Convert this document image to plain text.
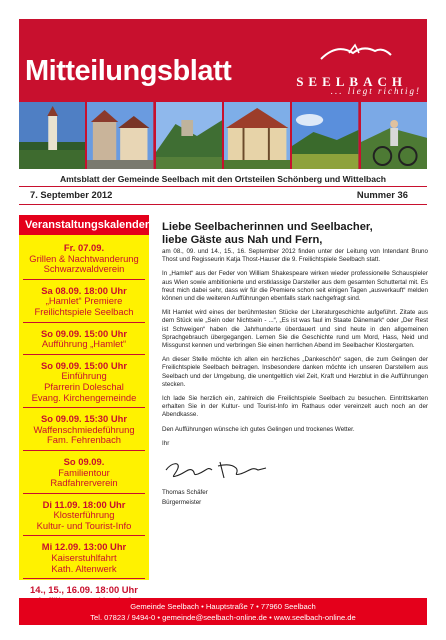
Mitteilungsblatt	SEELBACH
... liegt richtig!
Amtsblatt der Gemeinde Seelbach mit den Ortsteilen Schönberg und Wittelbach
7. September 2012	Nummer 36
Veranstaltungskalender
Fr. 07.09.
Grillen & Nachtwanderung
Schwarzwaldverein
Sa 08.09. 18:00 Uhr
„Hamlet“ Premiere
Freilichtspiele Seelbach
So 09.09. 15:00 Uhr
Aufführung „Hamlet“
So 09.09. 15:00 Uhr
Einführung
Pfarrerin Doleschal
Evang. Kirchengemeinde
So 09.09. 15:30 Uhr
Waffenschmiedeführung
Fam. Fehrenbach
So 09.09.
Familientour
Radfahrerverein
Di 11.09. 18:00 Uhr
Klosterführung
Kultur- und Tourist-Info
Mi 12.09. 13:00 Uhr
Kaiserstuhlfahrt
Kath. Altenwerk
14., 15., 16.09. 18:00 Uhr
Liebe Seelbacherinnen und Seelbacher,
liebe Gäste aus Nah und Fern,

am 08., 09. und 14., 15., 16. September 2012 finden unter der Leitung von Intendant Bruno Thost und Regisseurin Katja Thost-Hauser die 9. Freilichtspiele Seelbach statt.

In „Hamlet“ aus der Feder von William Shakespeare wirken wieder professionelle Schauspieler aus Wien sowie ambitionierte und erstklassige Darsteller aus dem gesamten Schuttertal mit. Es freut mich dabei sehr, dass wir für die Premiere schon seit einigen Tagen „ausverkauft“ melden können und die weiteren Aufführungen ebenfalls stark nachgefragt sind.

Mit Hamlet wird eines der berühmtesten Stücke der Literaturgeschichte aufgeführt. Zitate aus dem Stück wie „Sein oder Nichtsein - ...“, „Es ist was faul im Staate Dänemark“ oder „Der Rest ist Schweigen“ haben die Jahrhunderte überdauert und sind heute in den allgemeinen Sprachgebrauch übergegangen. Lernen Sie die Geschichte rund um Mord, Hass, Neid und Missgunst kennen und verbringen Sie einen herrlichen Abend im Seelbacher Klostergarten.

An dieser Stelle möchte ich allen ein herzliches „Dankeschön“ sagen, die zum Gelingen der Freilichtspiele Seelbach beitragen. Insbesondere danken möchte ich unseren Darstellern aus Seelbach und der Umgebung, die unentgeltlich viel Zeit, Kraft und Herzblut in die Aufführungen stecken.

Ich lade Sie herzlich ein, zahlreich die Freilichtspiele Seelbach zu besuchen. Eintrittskarten erhalten Sie in der Kultur- und Tourist-Info im Rathaus oder vereinzelt auch noch an der Abendkasse.

Den Aufführungen wünsche ich gutes Gelingen und trockenes Wetter.

Ihr

Thomas Schäfer
Bürgermeister
Gemeinde Seelbach • Hauptstraße 7 • 77960 Seelbach
Tel. 07823 / 9494-0 • gemeinde@seelbach-online.de • www.seelbach-online.de
